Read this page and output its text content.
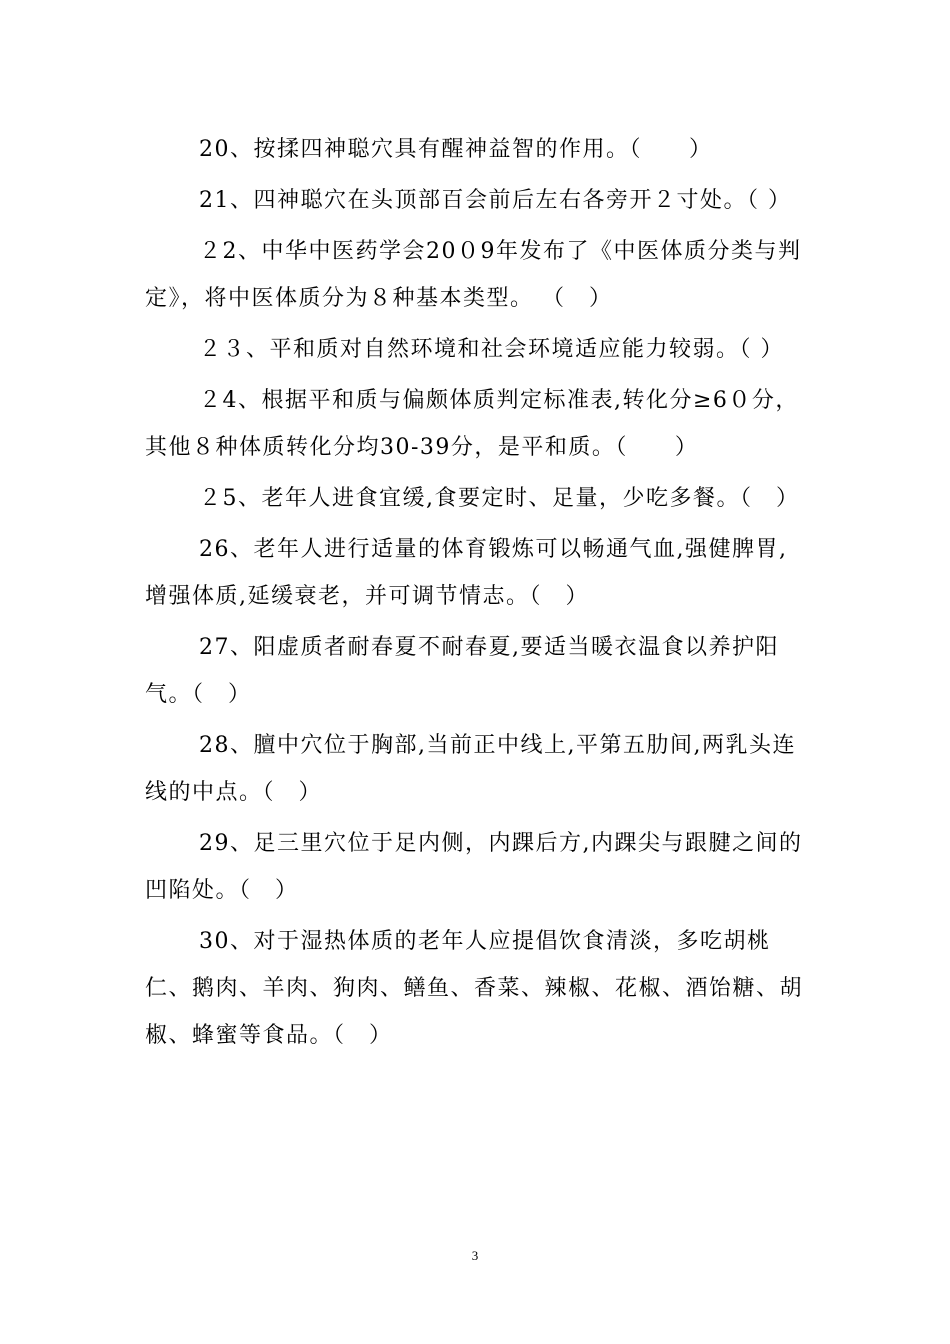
20、按揉四神聪穴具有醒神益智的作用。（　　）

21、四神聪穴在头顶部百会前后左右各旁开２寸处。（ ）

２2、中华中医药学会20０9年发布了《中医体质分类与判定》，将中医体质分为８种基本类型。 （　）

２３、平和质对自然环境和社会环境适应能力较弱。（ ）

２4、根据平和质与偏颇体质判定标准表,转化分≥6０分，其他８种体质转化分均30-39分，是平和质。（　　）

２5、老年人进食宜缓,食要定时、足量，少吃多餐。（　）

26、老年人进行适量的体育锻炼可以畅通气血,强健脾胃,增强体质,延缓衰老，并可调节情志。（　）

27、阳虚质者耐春夏不耐春夏,要适当暖衣温食以养护阳气。（　）

28、膻中穴位于胸部,当前正中线上,平第五肋间,两乳头连线的中点。（　）

29、足三里穴位于足内侧，内踝后方,内踝尖与跟腱之间的凹陷处。（　）

30、对于湿热体质的老年人应提倡饮食清淡，多吃胡桃仁、鹅肉、羊肉、狗肉、鳝鱼、香菜、辣椒、花椒、酒饴糖、胡椒、蜂蜜等食品。（　）

3
